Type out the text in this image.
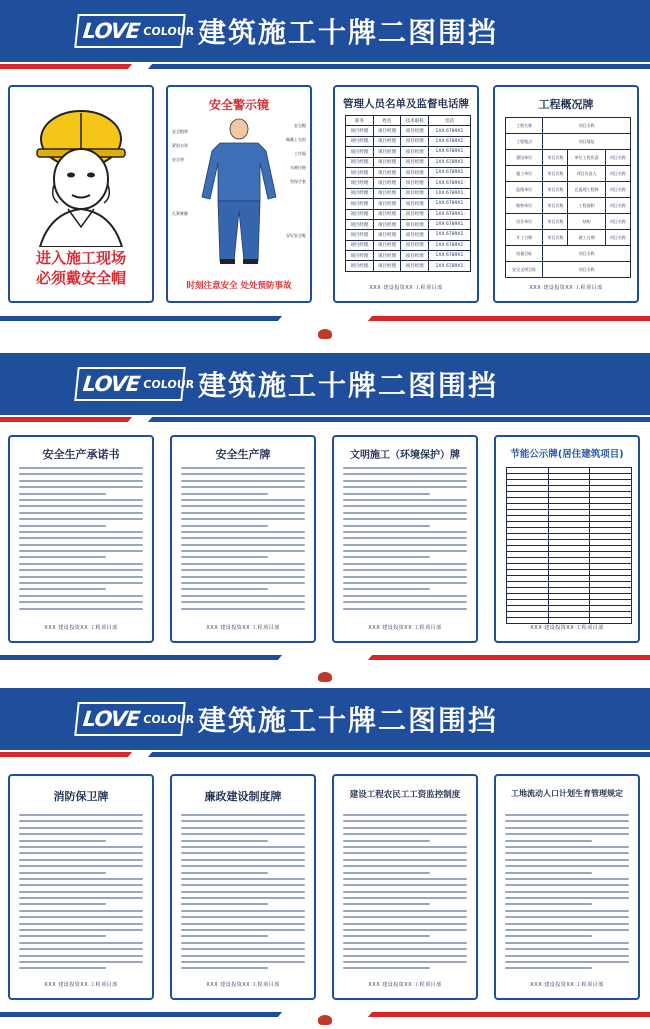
LOVE COLOUR 建筑施工十牌二图围挡
进入施工现场
必须戴安全帽
安全警示镜
安全帽带
紧固衣领
安全带
扎紧裤脚
安全帽
佩戴上衣扣
工作服
衣裤拉链
劳保手套
穿好安全鞋
时刻注意安全 处处预防事故
管理人员名单及监督电话牌
职务	姓名	技术职称	电话
项目经理	项目经理	项目经理	1XX 6789X1
项目经理	项目经理	项目经理	1XX 6789X1
项目经理	项目经理	项目经理	1XX 6789X1
项目经理	项目经理	项目经理	1XX 6789X1
项目经理	项目经理	项目经理	1XX 6789X1
项目经理	项目经理	项目经理	1XX 6789X1
项目经理	项目经理	项目经理	1XX 6789X1
项目经理	项目经理	项目经理	1XX 6789X1
项目经理	项目经理	项目经理	1XX 6789X1
项目经理	项目经理	项目经理	1XX 6789X1
项目经理	项目经理	项目经理	1XX 6789X1
项目经理	项目经理	项目经理	1XX 6789X1
项目经理	项目经理	项目经理	1XX 6789X1
项目经理	项目经理	项目经理	1XX 6789X1
XXX 建设投资XX 工程项目部
工程概况牌
工程名称	项目名称		
工程地点	项目地址		
建设单位	项目名称	单位工程负责	项目名称
施工单位	项目名称	项目负责人	项目名称
监理单位	项目名称	总监理工程师	项目名称
勘察单位	项目名称	工程面积	项目名称
设计单位	项目名称	结构	项目名称
开工日期	项目名称	竣工日期	项目名称
质量目标	项目名称		
安全文明目标	项目名称		
XXX 建设投资XX 工程项目部
LOVE COLOUR 建筑施工十牌二图围挡
安全生产承诺书
XXX 建设投资XX 工程项目部
安全生产牌
XXX 建设投资XX 工程项目部
文明施工（环境保护）牌
XXX 建设投资XX 工程项目部
节能公示牌(居住建筑项目)

XXX 建设投资XX 工程项目部
LOVE COLOUR 建筑施工十牌二图围挡
消防保卫牌
XXX 建设投资XX 工程项目部
廉政建设制度牌
XXX 建设投资XX 工程项目部
建设工程农民工工资监控制度
XXX 建设投资XX 工程项目部
工地流动人口计划生育管理规定
XXX 建设投资XX 工程项目部
